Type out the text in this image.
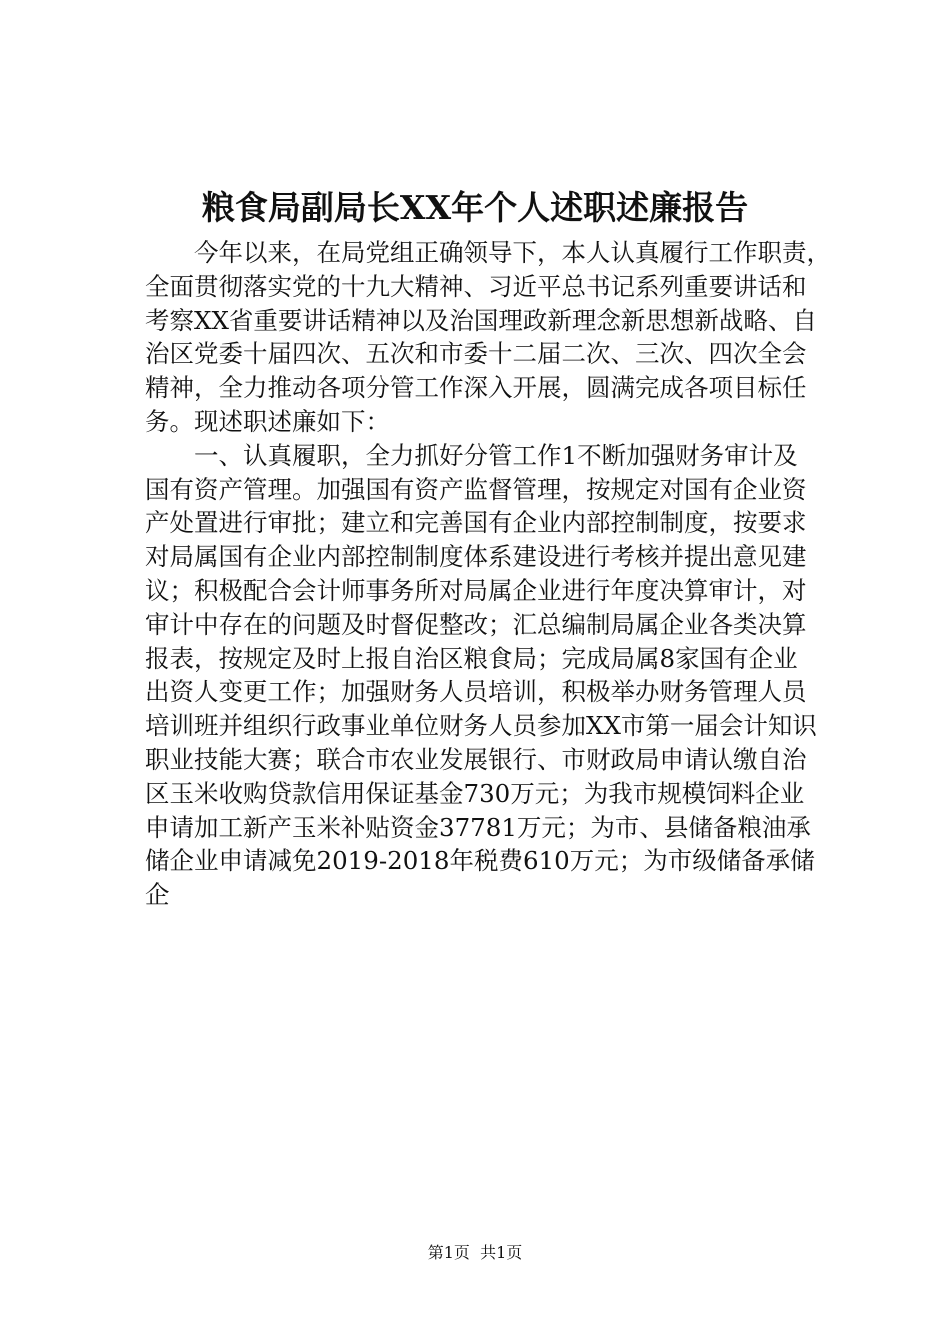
粮食局副局长XX年个人述职述廉报告
　　今年以来，在局党组正确领导下，本人认真履行工作职责，
全面贯彻落实党的十九大精神、习近平总书记系列重要讲话和
考察XX省重要讲话精神以及治国理政新理念新思想新战略、自
治区党委十届四次、五次和市委十二届二次、三次、四次全会
精神，全力推动各项分管工作深入开展，圆满完成各项目标任
务。现述职述廉如下：
　　一、认真履职，全力抓好分管工作1不断加强财务审计及
国有资产管理。加强国有资产监督管理，按规定对国有企业资
产处置进行审批；建立和完善国有企业内部控制制度，按要求
对局属国有企业内部控制制度体系建设进行考核并提出意见建
议；积极配合会计师事务所对局属企业进行年度决算审计，对
审计中存在的问题及时督促整改；汇总编制局属企业各类决算
报表，按规定及时上报自治区粮食局；完成局属8家国有企业
出资人变更工作；加强财务人员培训，积极举办财务管理人员
培训班并组织行政事业单位财务人员参加XX市第一届会计知识
职业技能大赛；联合市农业发展银行、市财政局申请认缴自治
区玉米收购贷款信用保证基金730万元；为我市规模饲料企业
申请加工新产玉米补贴资金37781万元；为市、县储备粮油承
储企业申请减免2019-2018年税费610万元；为市级储备承储
企
第1页  共1页
